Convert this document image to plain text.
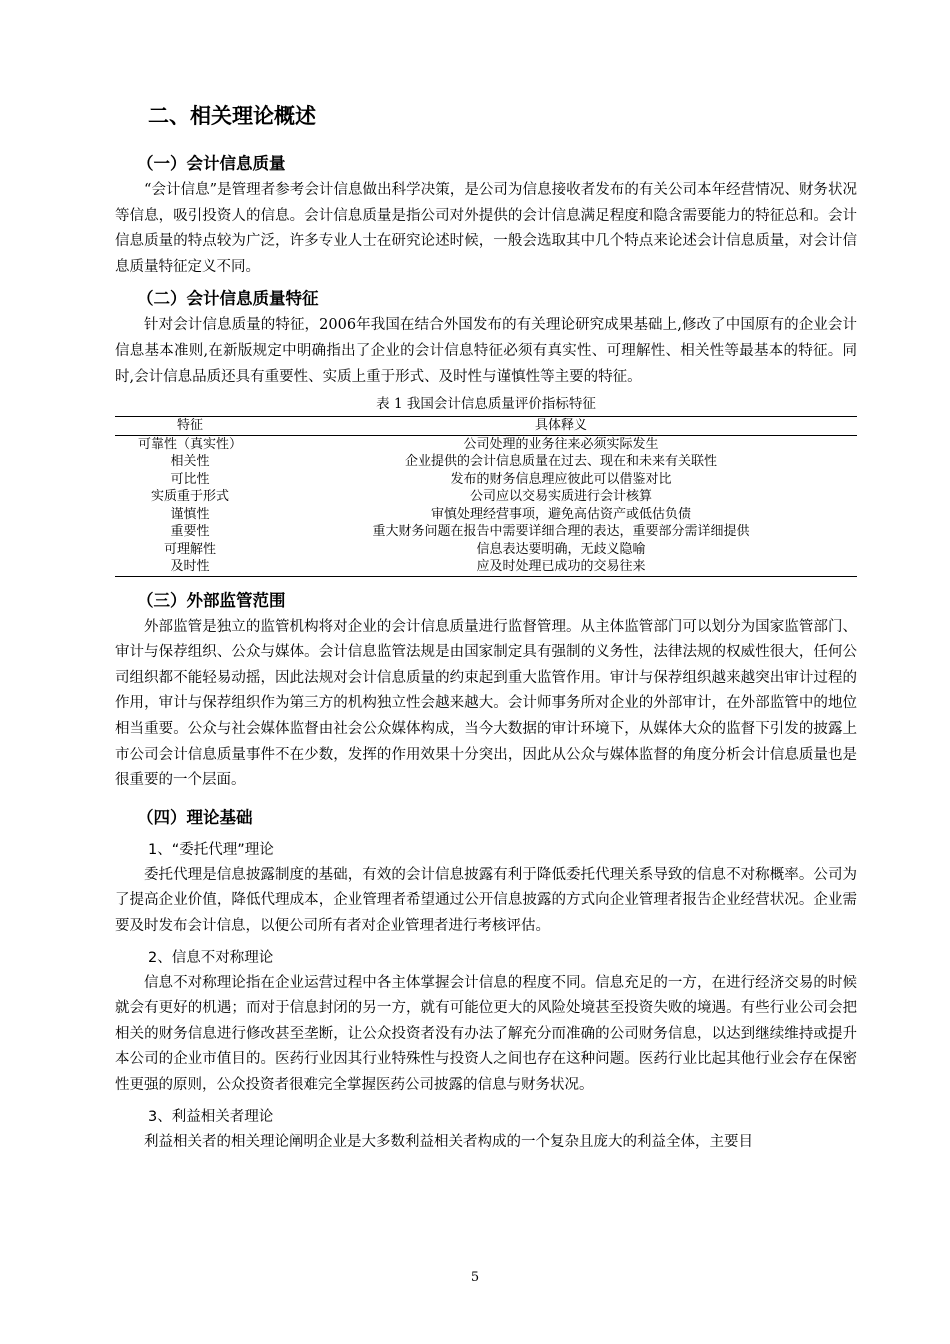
二、相关理论概述
（一）会计信息质量

“会计信息”是管理者参考会计信息做出科学决策，是公司为信息接收者发布的有关公司本年经营情况、财务状况等信息，吸引投资人的信息。会计信息质量是指公司对外提供的会计信息满足程度和隐含需要能力的特征总和。会计信息质量的特点较为广泛，许多专业人士在研究论述时候，一般会选取其中几个特点来论述会计信息质量，对会计信息质量特征定义不同。

（二）会计信息质量特征

针对会计信息质量的特征，2006年我国在结合外国发布的有关理论研究成果基础上,修改了中国原有的企业会计信息基本准则,在新版规定中明确指出了企业的会计信息特征必须有真实性、可理解性、相关性等最基本的特征。同时,会计信息品质还具有重要性、实质上重于形式、及时性与谨慎性等主要的特征。

表 1 我国会计信息质量评价指标特征
特征	具体释义
可靠性（真实性）	公司处理的业务往来必须实际发生
相关性	企业提供的会计信息质量在过去、现在和未来有关联性
可比性	发布的财务信息理应彼此可以借鉴对比
实质重于形式	公司应以交易实质进行会计核算
谨慎性	审慎处理经营事项，避免高估资产或低估负债
重要性	重大财务问题在报告中需要详细合理的表达，重要部分需详细提供
可理解性	信息表达要明确，无歧义隐喻
及时性	应及时处理已成功的交易往来
（三）外部监管范围

外部监管是独立的监管机构将对企业的会计信息质量进行监督管理。从主体监管部门可以划分为国家监管部门、审计与保荐组织、公众与媒体。会计信息监管法规是由国家制定具有强制的义务性，法律法规的权威性很大，任何公司组织都不能轻易动摇，因此法规对会计信息质量的约束起到重大监管作用。审计与保荐组织越来越突出审计过程的作用，审计与保荐组织作为第三方的机构独立性会越来越大。会计师事务所对企业的外部审计，在外部监管中的地位相当重要。公众与社会媒体监督由社会公众媒体构成，当今大数据的审计环境下，从媒体大众的监督下引发的披露上市公司会计信息质量事件不在少数，发挥的作用效果十分突出，因此从公众与媒体监督的角度分析会计信息质量也是很重要的一个层面。

（四）理论基础
1、“委托代理”理论

委托代理是信息披露制度的基础，有效的会计信息披露有利于降低委托代理关系导致的信息不对称概率。公司为了提高企业价值，降低代理成本，企业管理者希望通过公开信息披露的方式向企业管理者报告企业经营状况。企业需要及时发布会计信息，以便公司所有者对企业管理者进行考核评估。

2、信息不对称理论

信息不对称理论指在企业运营过程中各主体掌握会计信息的程度不同。信息充足的一方，在进行经济交易的时候就会有更好的机遇；而对于信息封闭的另一方，就有可能位更大的风险处境甚至投资失败的境遇。有些行业公司会把相关的财务信息进行修改甚至垄断，让公众投资者没有办法了解充分而准确的公司财务信息，以达到继续维持或提升本公司的企业市值目的。医药行业因其行业特殊性与投资人之间也存在这种问题。医药行业比起其他行业会存在保密性更强的原则，公众投资者很难完全掌握医药公司披露的信息与财务状况。

3、利益相关者理论

利益相关者的相关理论阐明企业是大多数利益相关者构成的一个复杂且庞大的利益全体，主要目

5
